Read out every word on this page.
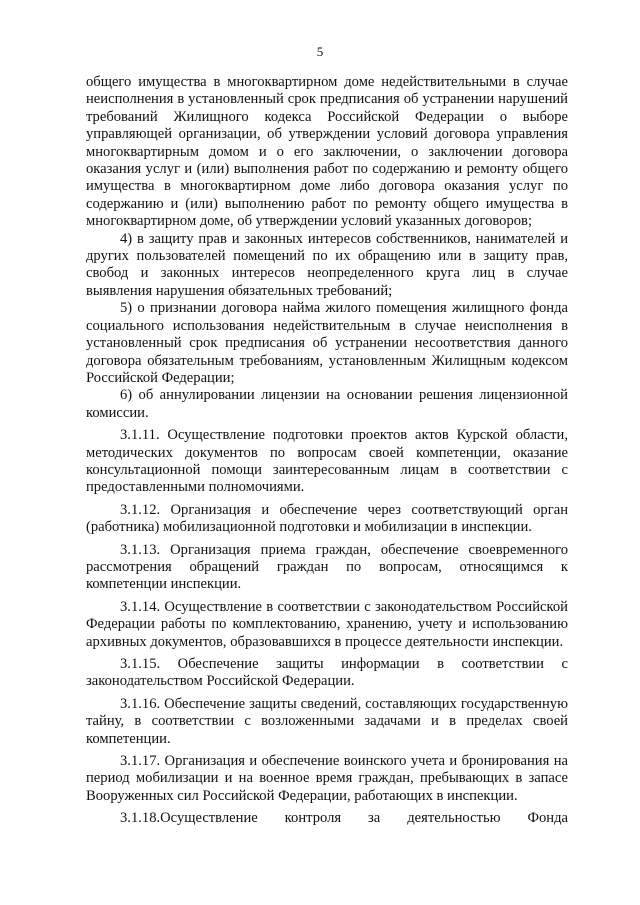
5

общего имущества в многоквартирном доме недействительными в случае неисполнения в установленный срок предписания об устранении нарушений требований Жилищного кодекса Российской Федерации о выборе управляющей организации, об утверждении условий договора управления многоквартирным домом и о его заключении, о заключении договора оказания услуг и (или) выполнения работ по содержанию и ремонту общего имущества в многоквартирном доме либо договора оказания услуг по содержанию и (или) выполнению работ по ремонту общего имущества в многоквартирном доме, об утверждении условий указанных договоров;

4) в защиту прав и законных интересов собственников, нанимателей и других пользователей помещений по их обращению или в защиту прав, свобод и законных интересов неопределенного круга лиц в случае выявления нарушения обязательных требований;

5) о признании договора найма жилого помещения жилищного фонда социального использования недействительным в случае неисполнения в установленный срок предписания об устранении несоответствия данного договора обязательным требованиям, установленным Жилищным кодексом Российской Федерации;

6) об аннулировании лицензии на основании решения лицензионной комиссии.

3.1.11. Осуществление подготовки проектов актов Курской области, методических документов по вопросам своей компетенции, оказание консультационной помощи заинтересованным лицам в соответствии с предоставленными полномочиями.

3.1.12. Организация и обеспечение через соответствующий орган (работника) мобилизационной подготовки и мобилизации в инспекции.

3.1.13. Организация приема граждан, обеспечение своевременного рассмотрения обращений граждан по вопросам, относящимся к компетенции инспекции.

3.1.14. Осуществление в соответствии с законодательством Российской Федерации работы по комплектованию, хранению, учету и использованию архивных документов, образовавшихся в процессе деятельности инспекции.

3.1.15. Обеспечение защиты информации в соответствии с законодательством Российской Федерации.

3.1.16. Обеспечение защиты сведений, составляющих государственную тайну, в соответствии с возложенными задачами и в пределах своей компетенции.

3.1.17. Организация и обеспечение воинского учета и бронирования на период мобилизации и на военное время граждан, пребывающих в запасе Вооруженных сил Российской Федерации, работающих в инспекции.

3.1.18.Осуществление контроля за деятельностью Фонда
